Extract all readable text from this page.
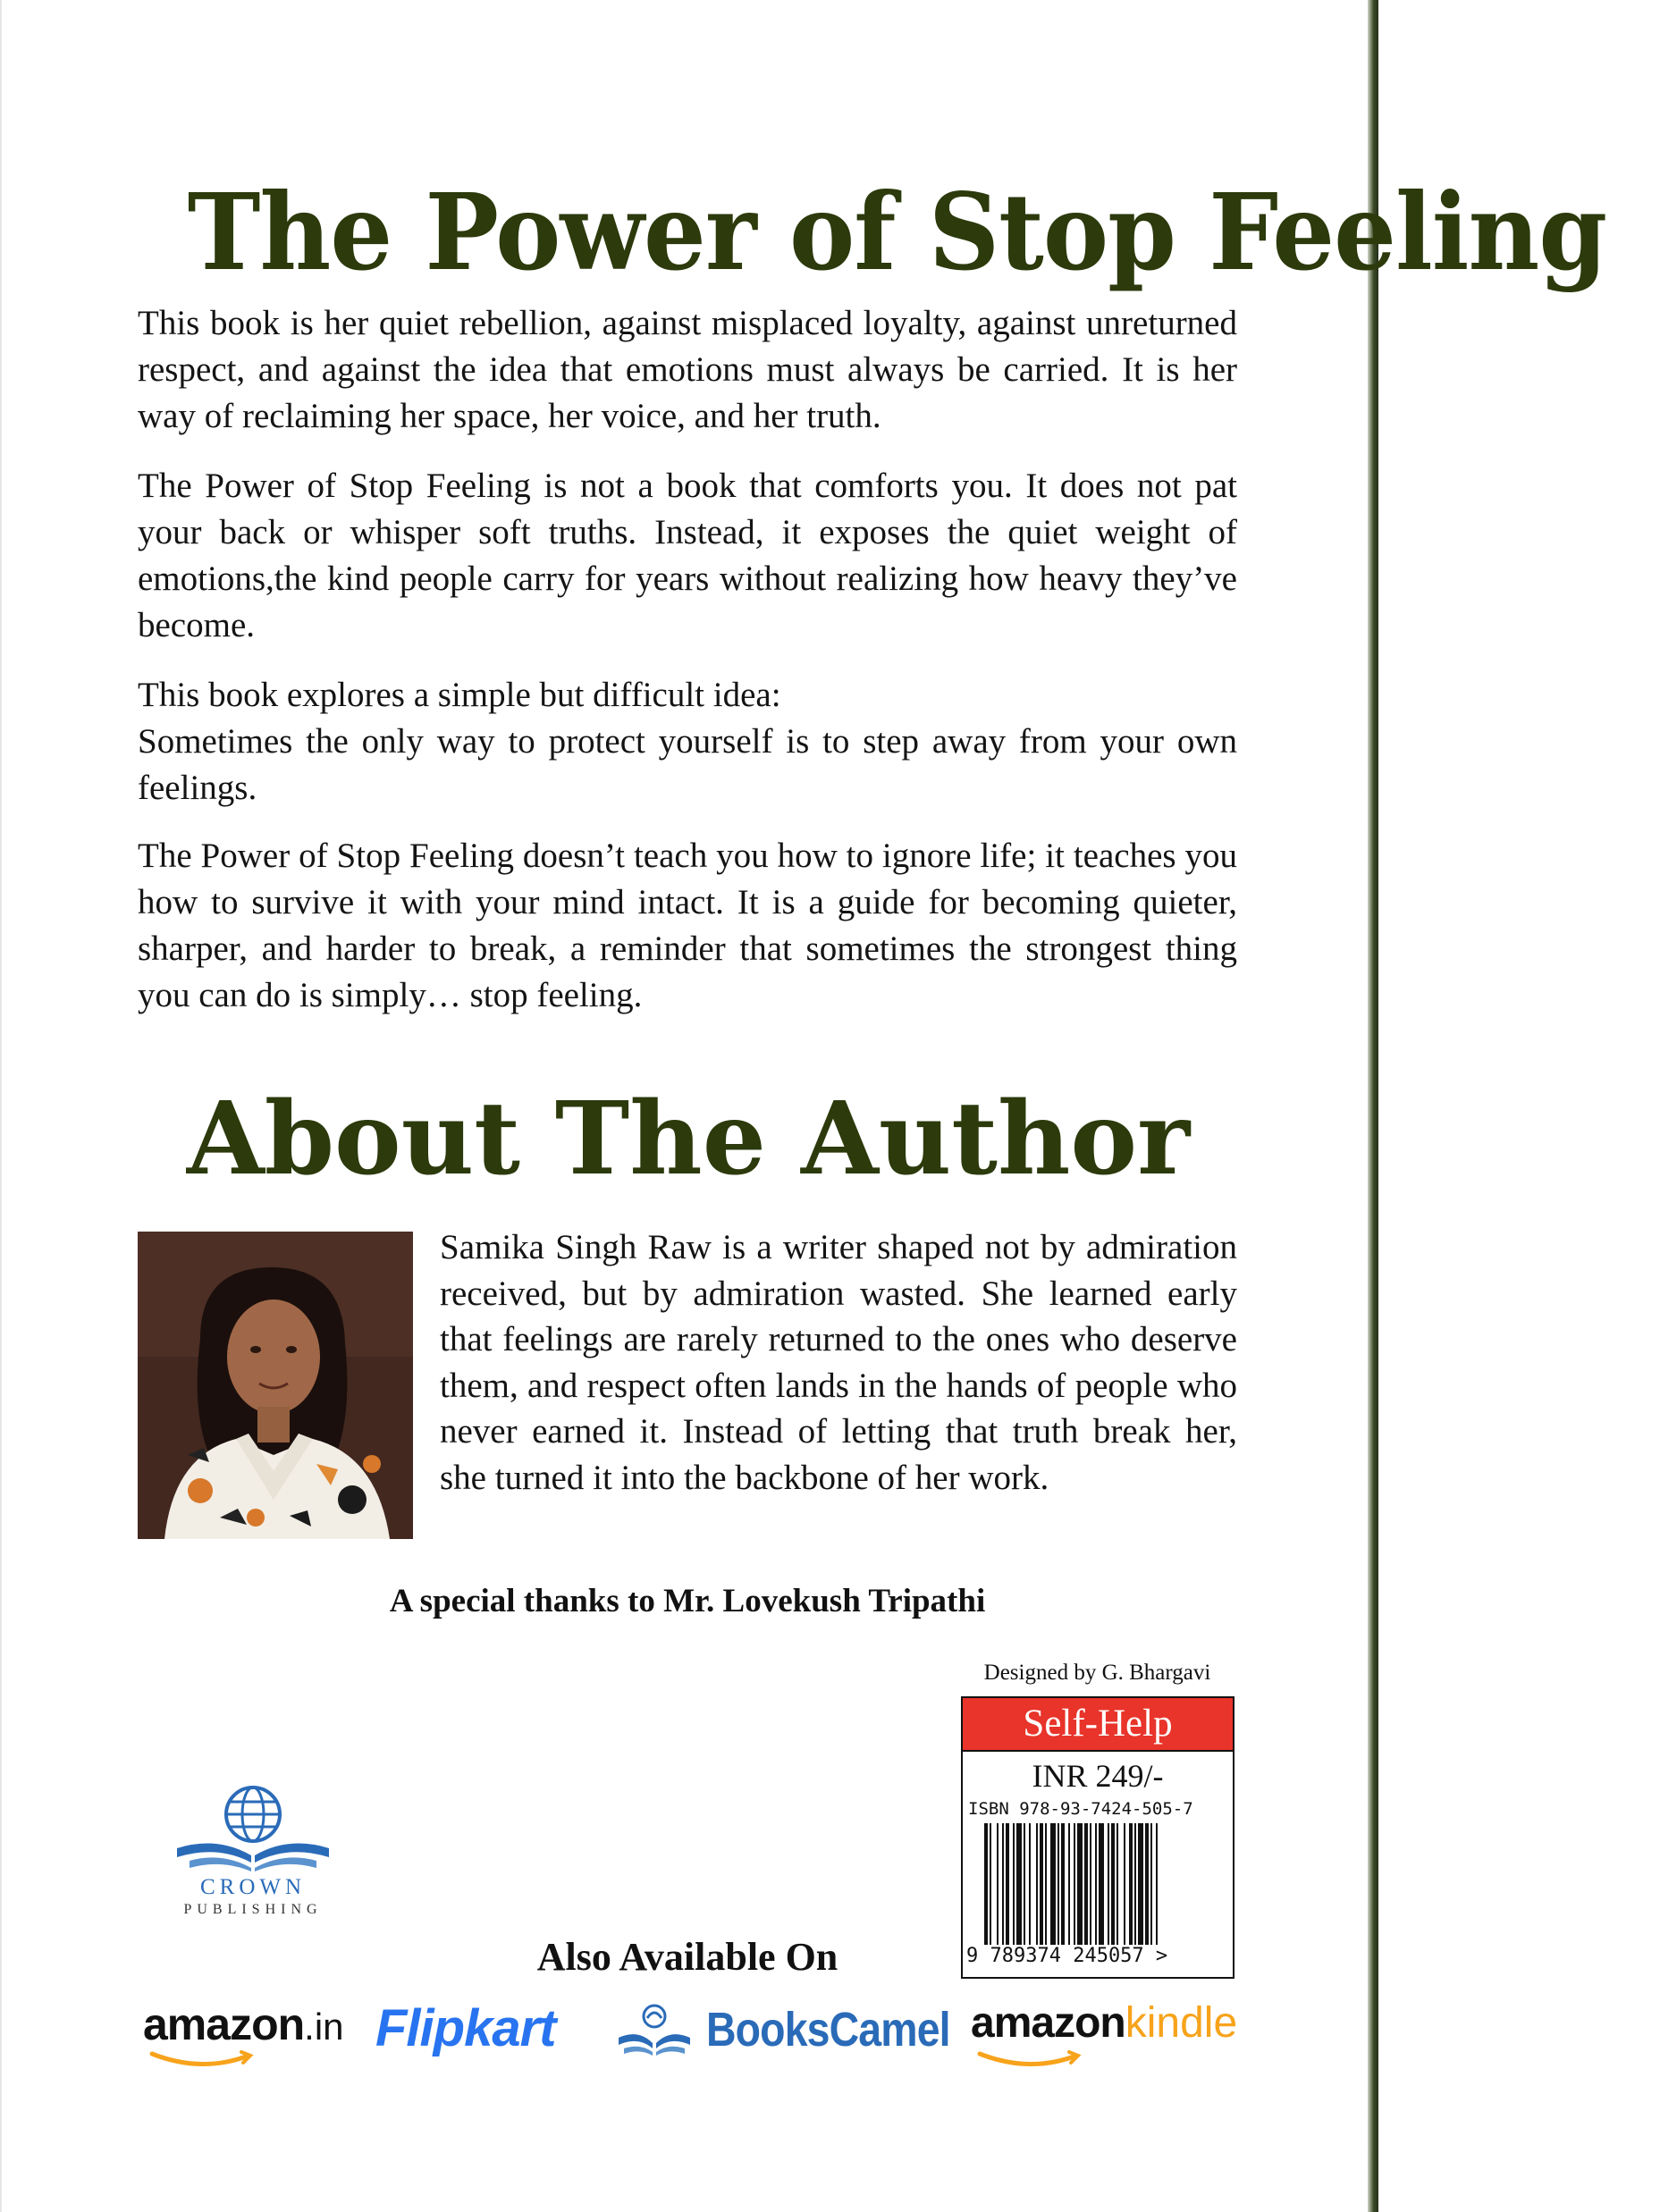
The Power of Stop Feeling

This book is her quiet rebellion, against misplaced loyalty, against unreturned respect, and against the idea that emotions must always be carried. It is her way of reclaiming her space, her voice, and her truth.

The Power of Stop Feeling is not a book that comforts you. It does not pat your back or whisper soft truths. Instead, it exposes the quiet weight of emotions,the kind people carry for years without realizing how heavy they’ve become.

This book explores a simple but difficult idea:
Sometimes the only way to protect yourself is to step away from your own feelings.

The Power of Stop Feeling doesn’t teach you how to ignore life; it teaches you how to survive it with your mind intact. It is a guide for becoming quieter, sharper, and harder to break, a reminder that sometimes the strongest thing you can do is simply… stop feeling.

About The Author

Samika Singh Raw is a writer shaped not by admiration received, but by admiration wasted. She learned early that feelings are rarely returned to the ones who deserve them, and respect often lands in the hands of people who never earned it. Instead of letting that truth break her, she turned it into the backbone of her work.

A special thanks to Mr. Lovekush Tripathi

Designed by G. Bhargavi
Self-Help
INR 249/-
ISBN 978-93-7424-505-7
9 789374 245057 >
CROWN
PUBLISHING

Also Available On

amazon.in Flipkart	BooksCamel amazonkindle
